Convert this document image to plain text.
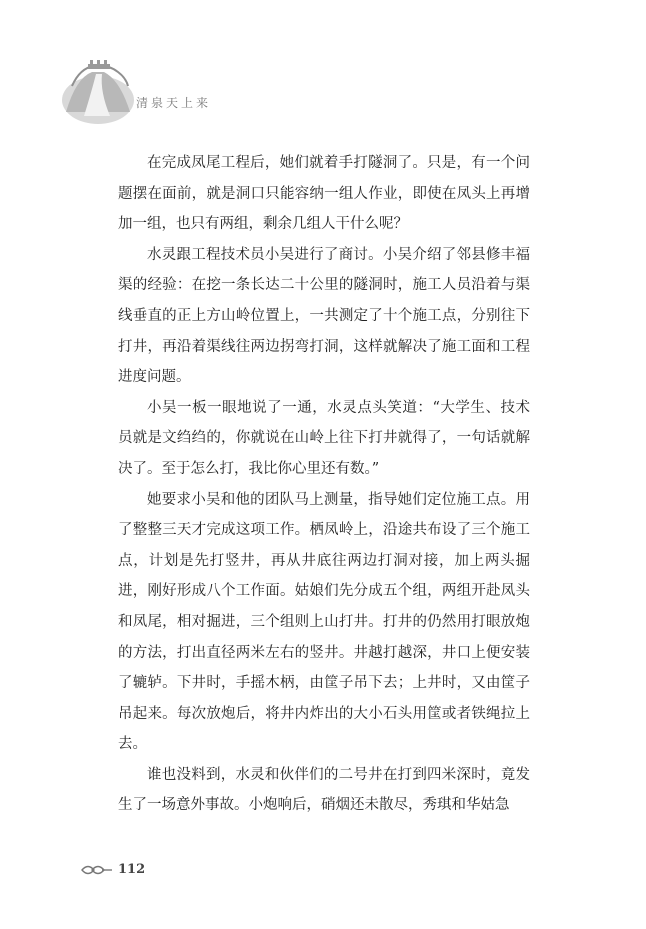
清泉天上来

在完成凤尾工程后，她们就着手打隧洞了。只是，有一个问题摆在面前，就是洞口只能容纳一组人作业，即使在凤头上再增加一组，也只有两组，剩余几组人干什么呢？

水灵跟工程技术员小吴进行了商讨。小吴介绍了邻县修丰福渠的经验：在挖一条长达二十公里的隧洞时，施工人员沿着与渠线垂直的正上方山岭位置上，一共测定了十个施工点，分别往下打井，再沿着渠线往两边拐弯打洞，这样就解决了施工面和工程进度问题。

小吴一板一眼地说了一通，水灵点头笑道：“大学生、技术员就是文绉绉的，你就说在山岭上往下打井就得了，一句话就解决了。至于怎么打，我比你心里还有数。”

她要求小吴和他的团队马上测量，指导她们定位施工点。用了整整三天才完成这项工作。栖凤岭上，沿途共布设了三个施工点，计划是先打竖井，再从井底往两边打洞对接，加上两头掘进，刚好形成八个工作面。姑娘们先分成五个组，两组开赴凤头和凤尾，相对掘进，三个组则上山打井。打井的仍然用打眼放炮的方法，打出直径两米左右的竖井。井越打越深，井口上便安装了辘轳。下井时，手摇木柄，由筐子吊下去；上井时，又由筐子吊起来。每次放炮后，将井内炸出的大小石头用筐或者铁绳拉上去。

谁也没料到，水灵和伙伴们的二号井在打到四米深时，竟发生了一场意外事故。小炮响后，硝烟还未散尽，秀琪和华姑急

112
